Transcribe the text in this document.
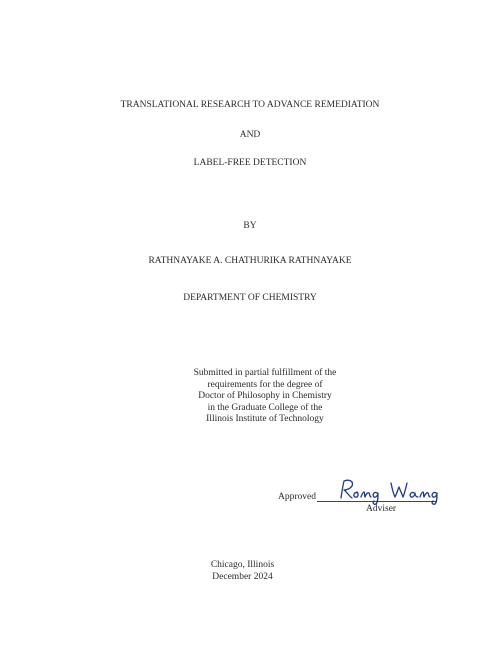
TRANSLATIONAL RESEARCH TO ADVANCE REMEDIATION
AND
LABEL-FREE DETECTION
BY
RATHNAYAKE A. CHATHURIKA RATHNAYAKE
DEPARTMENT OF CHEMISTRY
Submitted in partial fulfillment of the
requirements for the degree of
Doctor of Philosophy in Chemistry
in the Graduate College of the
Illinois Institute of Technology
Approved
Adviser
Chicago, Illinois
December 2024
